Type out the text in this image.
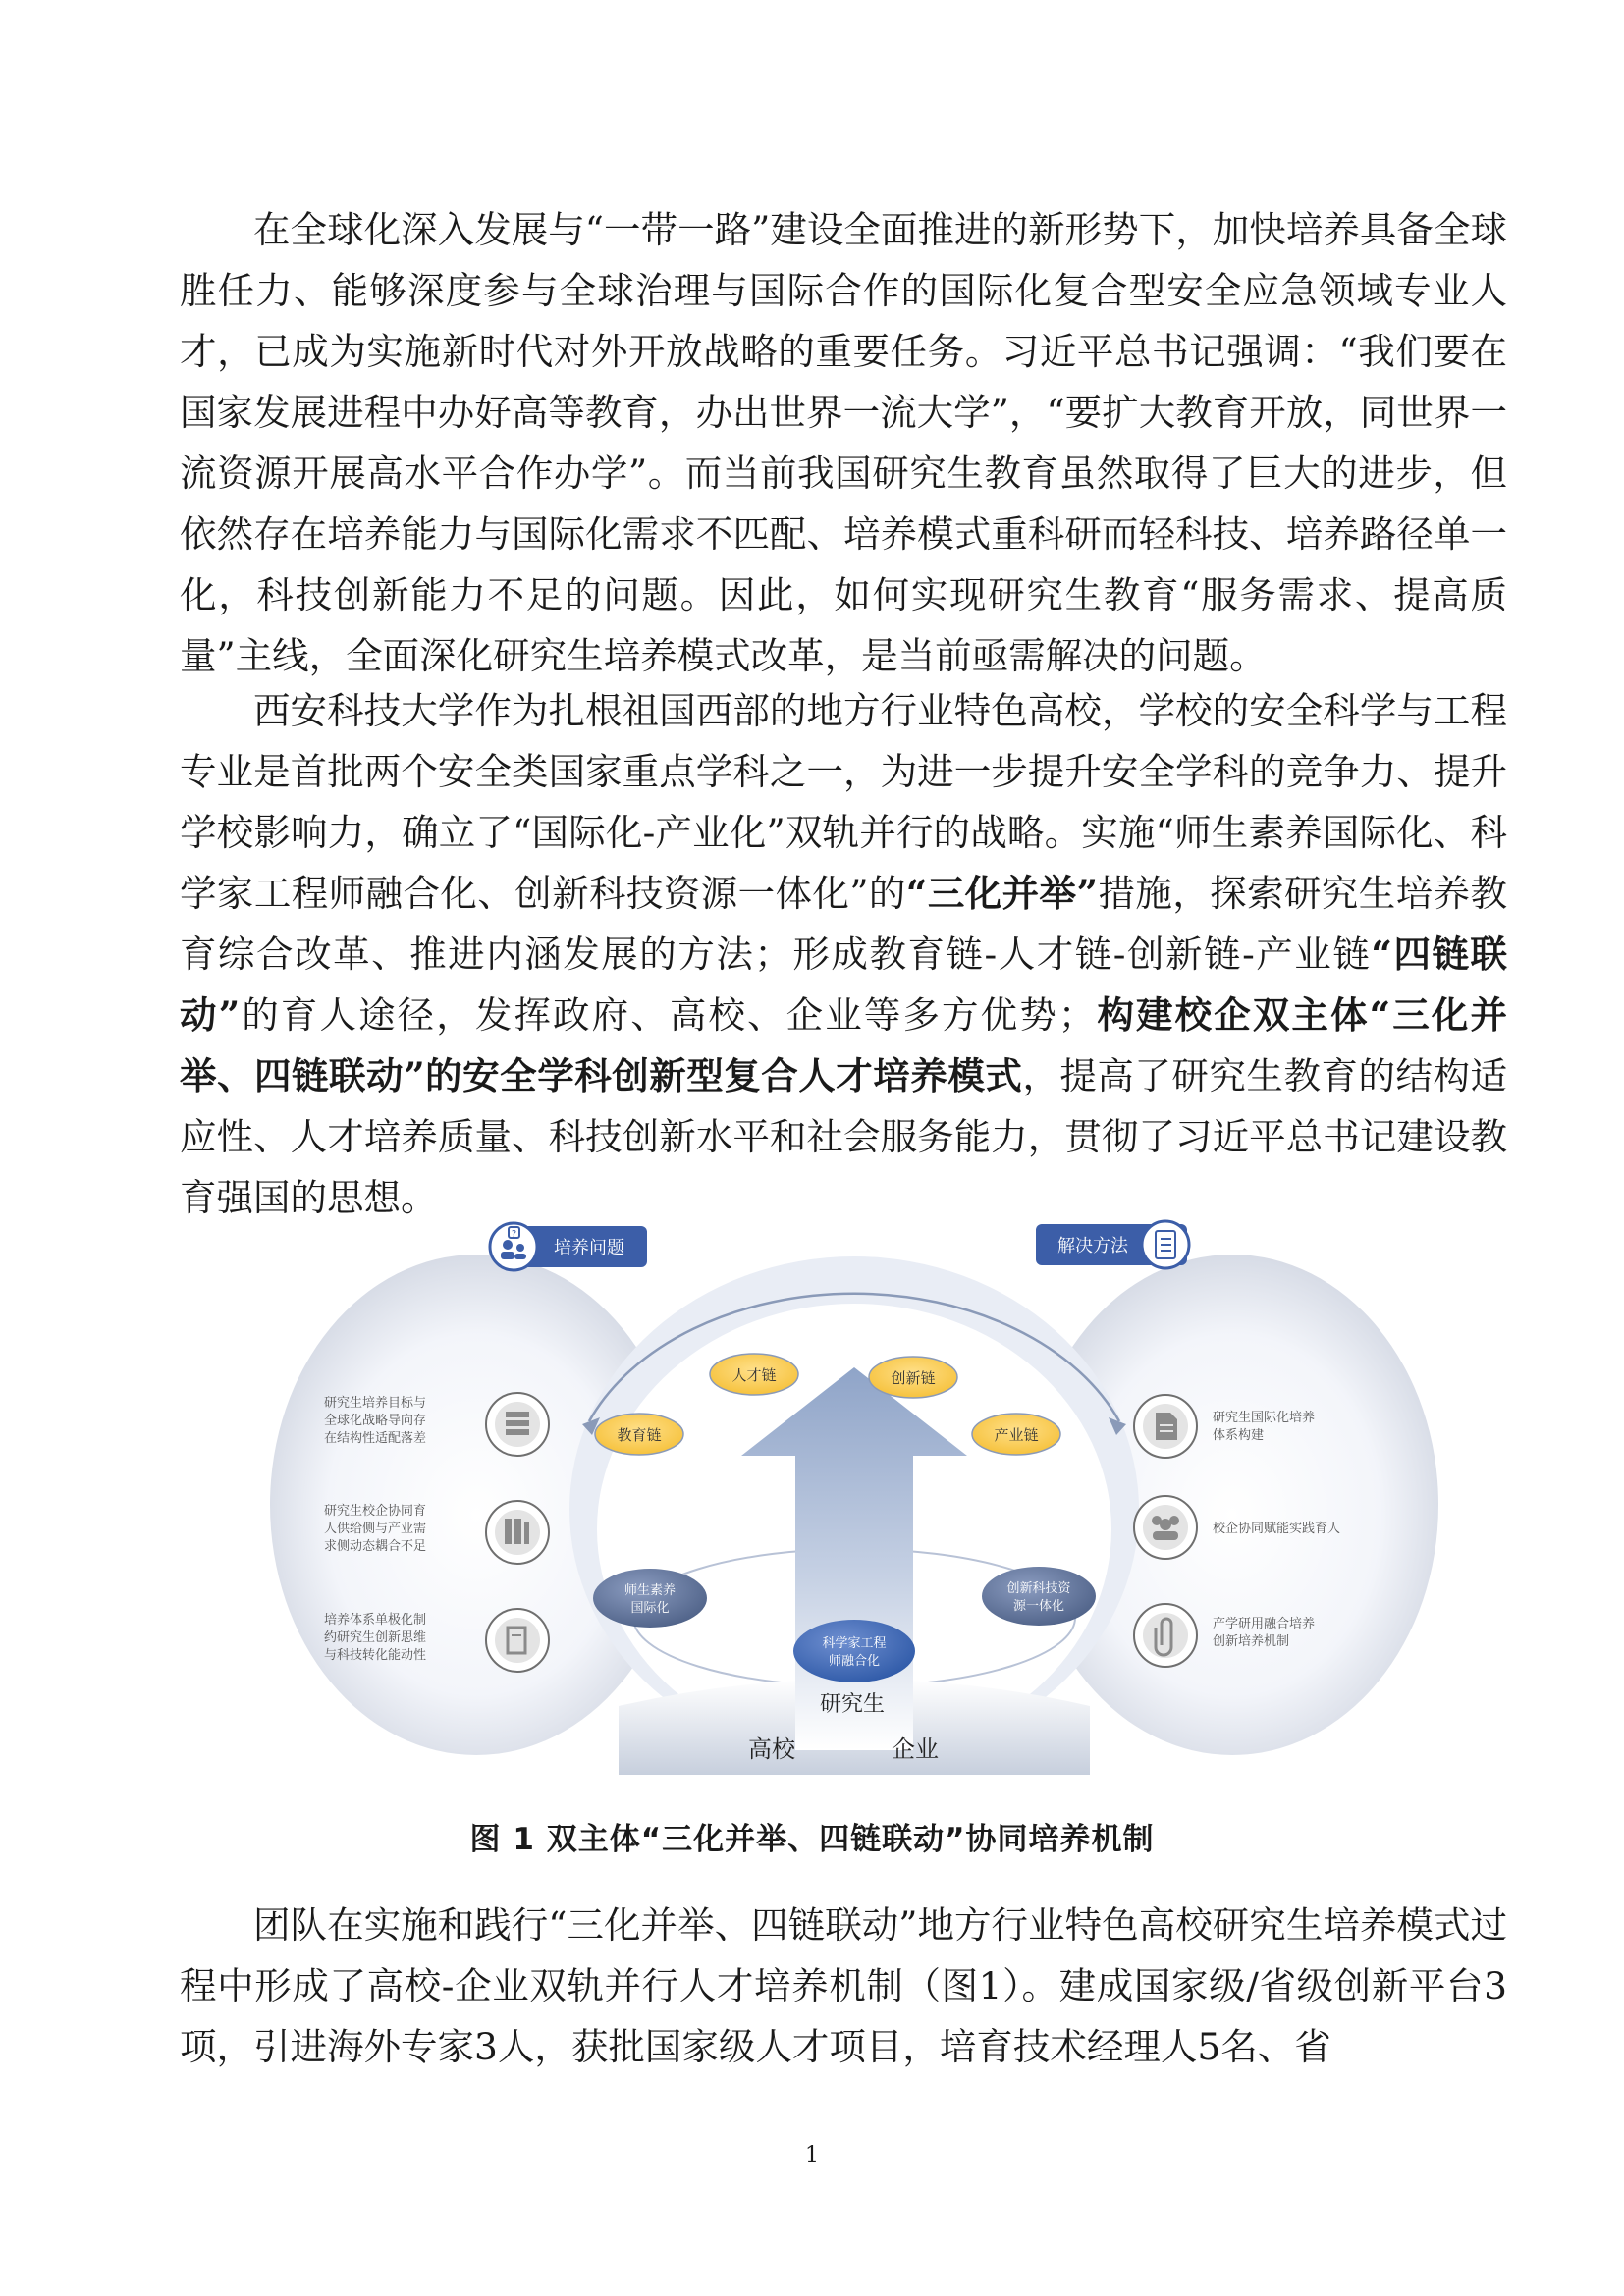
在全球化深入发展与“一带一路”建设全面推进的新形势下，加快培养具备全球胜任力、能够深度参与全球治理与国际合作的国际化复合型安全应急领域专业人才，已成为实施新时代对外开放战略的重要任务。习近平总书记强调：“我们要在国家发展进程中办好高等教育，办出世界一流大学”，“要扩大教育开放，同世界一流资源开展高水平合作办学”。而当前我国研究生教育虽然取得了巨大的进步，但依然存在培养能力与国际化需求不匹配、培养模式重科研而轻科技、培养路径单一化，科技创新能力不足的问题。因此，如何实现研究生教育“服务需求、提高质量”主线，全面深化研究生培养模式改革，是当前亟需解决的问题。

西安科技大学作为扎根祖国西部的地方行业特色高校，学校的安全科学与工程专业是首批两个安全类国家重点学科之一，为进一步提升安全学科的竞争力、提升学校影响力，确立了“国际化-产业化”双轨并行的战略。实施“师生素养国际化、科学家工程师融合化、创新科技资源一体化”的“三化并举”措施，探索研究生培养教育综合改革、推进内涵发展的方法；形成教育链-人才链-创新链-产业链“四链联动”的育人途径，发挥政府、高校、企业等多方优势；构建校企双主体“三化并举、四链联动”的安全学科创新型复合人才培养模式，提高了研究生教育的结构适应性、人才培养质量、科技创新水平和社会服务能力，贯彻了习近平总书记建设教育强国的思想。

?
培养问题	解决方法
教育链
人才链	创新链
产业链
师生素养
国际化
科学家工程
师融合化
创新科技资
源一体化
研究生
高校	企业
研究生培养目标与 全球化战略导向存 在结构性适配落差
研究生校企协同育 人供给侧与产业需 求侧动态耦合不足
培养体系单极化制 约研究生创新思维 与科技转化能动性
研究生国际化培养 体系构建
校企协同赋能实践育人
产学研用融合培养 创新培养机制
图 1 双主体“三化并举、四链联动”协同培养机制

团队在实施和践行“三化并举、四链联动”地方行业特色高校研究生培养模式过程中形成了高校-企业双轨并行人才培养机制（图1）。建成国家级/省级创新平台3项，引进海外专家3人，获批国家级人才项目，培育技术经理人5名、省

1
